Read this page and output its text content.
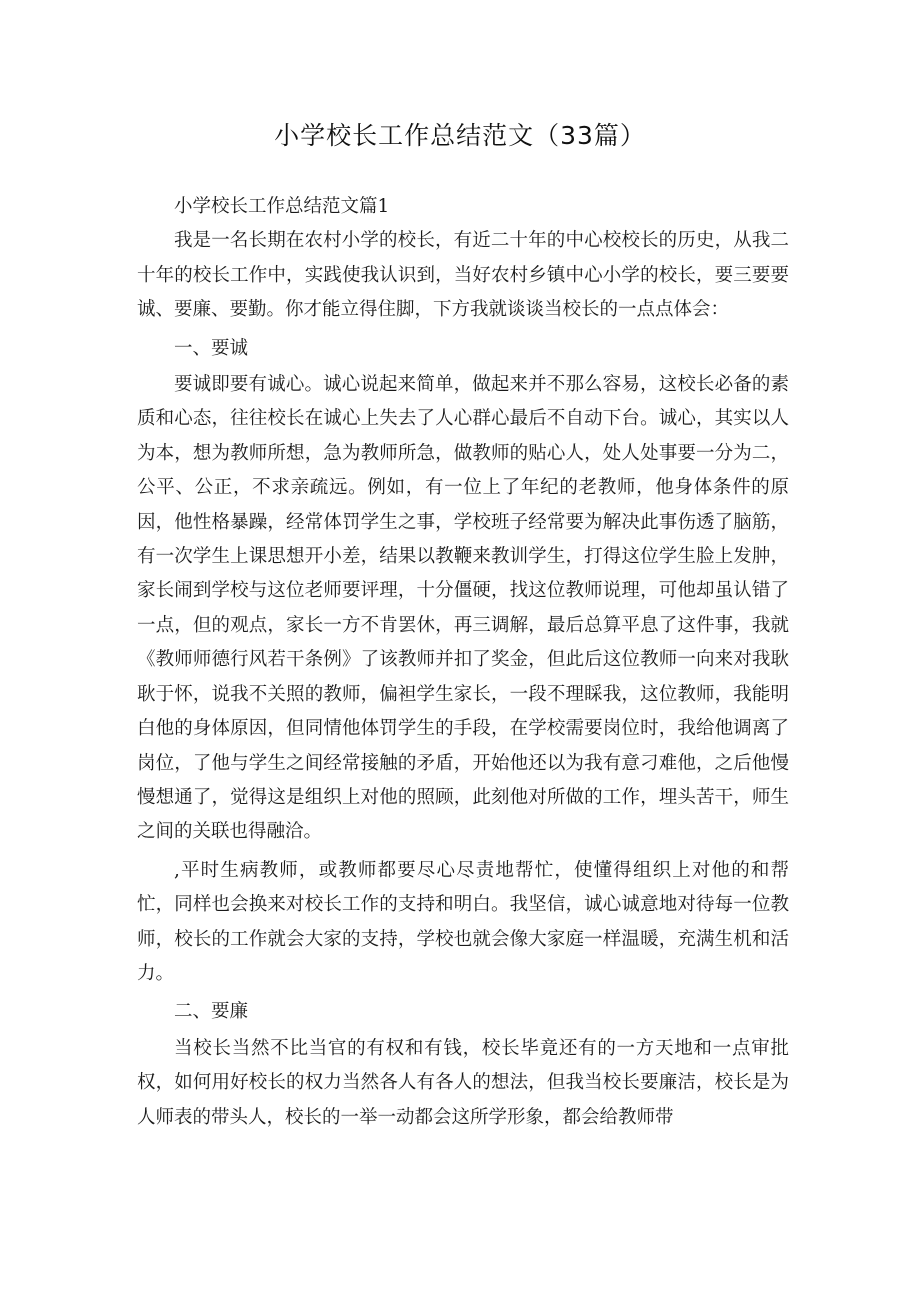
小学校长工作总结范文（33篇）

小学校长工作总结范文篇1

我是一名长期在农村小学的校长，有近二十年的中心校校长的历史，从我二十年的校长工作中，实践使我认识到，当好农村乡镇中心小学的校长，要三要要诚、要廉、要勤。你才能立得住脚，下方我就谈谈当校长的一点点体会：

一、要诚

要诚即要有诚心。诚心说起来简单，做起来并不那么容易，这校长必备的素质和心态，往往校长在诚心上失去了人心群心最后不自动下台。诚心，其实以人为本，想为教师所想，急为教师所急，做教师的贴心人，处人处事要一分为二，公平、公正，不求亲疏远。例如，有一位上了年纪的老教师，他身体条件的原因，他性格暴躁，经常体罚学生之事，学校班子经常要为解决此事伤透了脑筋，有一次学生上课思想开小差，结果以教鞭来教训学生，打得这位学生脸上发肿，家长闹到学校与这位老师要评理，十分僵硬，找这位教师说理，可他却虽认错了一点，但的观点，家长一方不肯罢休，再三调解，最后总算平息了这件事，我就《教师师德行风若干条例》了该教师并扣了奖金，但此后这位教师一向来对我耿耿于怀，说我不关照的教师，偏袒学生家长，一段不理睬我，这位教师，我能明白他的身体原因，但同情他体罚学生的手段，在学校需要岗位时，我给他调离了岗位，了他与学生之间经常接触的矛盾，开始他还以为我有意刁难他，之后他慢慢想通了，觉得这是组织上对他的照顾，此刻他对所做的工作，埋头苦干，师生之间的关联也得融洽。

,平时生病教师，或教师都要尽心尽责地帮忙，使懂得组织上对他的和帮忙，同样也会换来对校长工作的支持和明白。我坚信，诚心诚意地对待每一位教师，校长的工作就会大家的支持，学校也就会像大家庭一样温暖，充满生机和活力。

二、要廉

当校长当然不比当官的有权和有钱，校长毕竟还有的一方天地和一点审批权，如何用好校长的权力当然各人有各人的想法，但我当校长要廉洁，校长是为人师表的带头人，校长的一举一动都会这所学形象，都会给教师带
